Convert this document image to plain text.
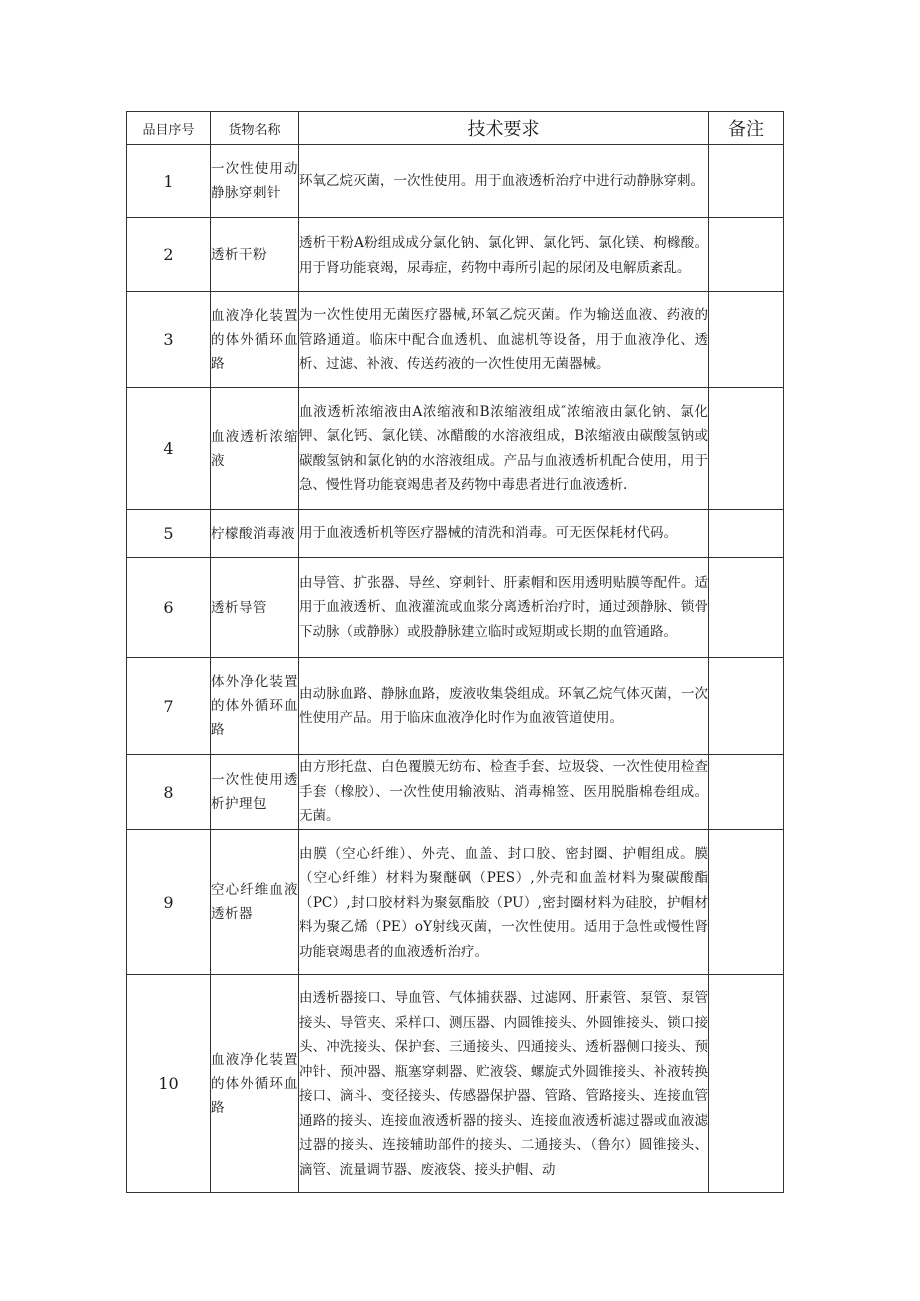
品目序号	货物名称	技术要求	备注
1	一次性使用动静脉穿刺针	环氧乙烷灭菌，一次性使用。用于血液透析治疗中进行动静脉穿刺。	
2	透析干粉	透析干粉A粉组成成分氯化钠、氯化钾、氯化钙、氯化镁、枸橼酸。用于肾功能衰竭，尿毒症，药物中毒所引起的尿闭及电解质紊乱。	
3	血液净化装置的体外循环血路	为一次性使用无菌医疗器械,环氧乙烷灭菌。作为输送血液、药液的管路通道。临床中配合血透机、血滤机等设备，用于血液净化、透析、过滤、补液、传送药液的一次性使用无菌器械。	
4	血液透析浓缩液	血液透析浓缩液由A浓缩液和B浓缩液组成″浓缩液由氯化钠、氯化钾、氯化钙、氯化镁、冰醋酸的水溶液组成，B浓缩液由碳酸氢钠或碳酸氢钠和氯化钠的水溶液组成。产品与血液透析机配合使用，用于急、慢性肾功能衰竭患者及药物中毒患者进行血液透析.	
5	柠檬酸消毒液	用于血液透析机等医疗器械的清洗和消毒。可无医保耗材代码。	
6	透析导管	由导管、扩张器、导丝、穿刺针、肝素帽和医用透明贴膜等配件。适用于血液透析、血液灌流或血浆分离透析治疗时，通过颈静脉、锁骨下动脉（或静脉）或股静脉建立临时或短期或长期的血管通路。	
7	体外净化装置的体外循环血路	由动脉血路、静脉血路，废液收集袋组成。环氧乙烷气体灭菌，一次性使用产品。用于临床血液净化时作为血液管道使用。	
8	一次性使用透析护理包	由方形托盘、白色覆膜无纺布、检查手套、垃圾袋、一次性使用检查手套（橡胶）、一次性使用输液贴、消毒棉签、医用脱脂棉卷组成。无菌。	
9	空心纤维血液透析器	由膜（空心纤维）、外壳、血盖、封口胶、密封圈、护帽组成。膜（空心纤维）材料为聚醚砜（PES）,外壳和血盖材料为聚碳酸酯（PC）,封口胶材料为聚氨酯胶（PU）,密封圈材料为硅胶，护帽材料为聚乙烯（PE）oY射线灭菌，一次性使用。适用于急性或慢性肾功能衰竭患者的血液透析治疗。	
10	血液净化装置的体外循环血路	由透析器接口、导血管、气体捕获器、过滤网、肝素管、泵管、泵管接头、导管夹、采样口、测压器、内圆锥接头、外圆锥接头、锁口接头、冲洗接头、保护套、三通接头、四通接头、透析器侧口接头、预冲针、预冲器、瓶塞穿刺器、贮液袋、螺旋式外圆锥接头、补液转换接口、滴斗、变径接头、传感器保护器、管路、管路接头、连接血管通路的接头、连接血液透析器的接头、连接血液透析滤过器或血液滤过器的接头、连接辅助部件的接头、二通接头、（鲁尔）圆锥接头、滴管、流量调节器、废液袋、接头护帽、动	
